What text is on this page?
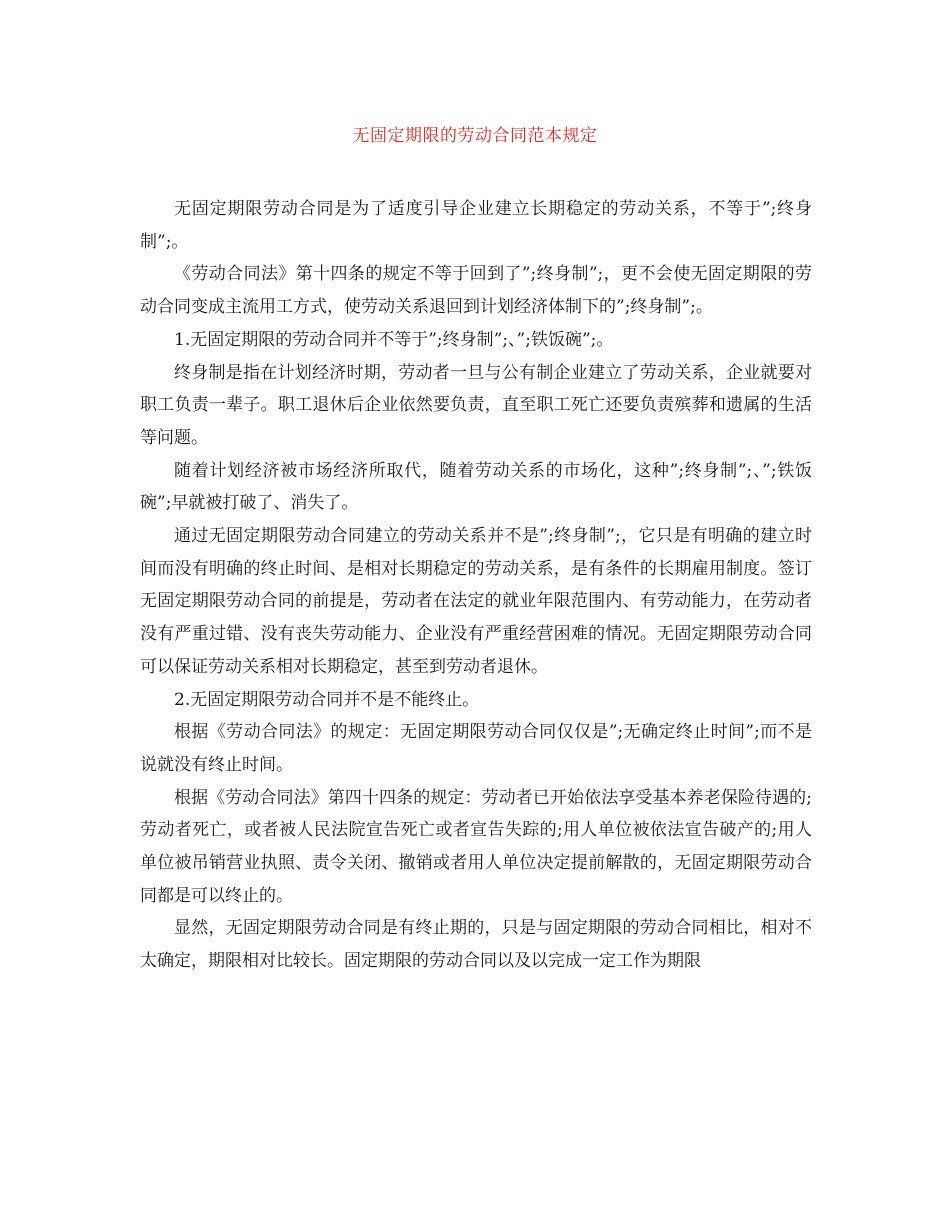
无固定期限的劳动合同范本规定

无固定期限劳动合同是为了适度引导企业建立长期稳定的劳动关系，不等于”;终身制”;。

《劳动合同法》第十四条的规定不等于回到了”;终身制”;，更不会使无固定期限的劳动合同变成主流用工方式，使劳动关系退回到计划经济体制下的”;终身制”;。

1.无固定期限的劳动合同并不等于”;终身制”;、”;铁饭碗”;。

终身制是指在计划经济时期，劳动者一旦与公有制企业建立了劳动关系，企业就要对职工负责一辈子。职工退休后企业依然要负责，直至职工死亡还要负责殡葬和遗属的生活等问题。

随着计划经济被市场经济所取代，随着劳动关系的市场化，这种”;终身制”;、”;铁饭碗”;早就被打破了、消失了。

通过无固定期限劳动合同建立的劳动关系并不是”;终身制”;，它只是有明确的建立时间而没有明确的终止时间、是相对长期稳定的劳动关系，是有条件的长期雇用制度。签订无固定期限劳动合同的前提是，劳动者在法定的就业年限范围内、有劳动能力，在劳动者没有严重过错、没有丧失劳动能力、企业没有严重经营困难的情况。无固定期限劳动合同可以保证劳动关系相对长期稳定，甚至到劳动者退休。

2.无固定期限劳动合同并不是不能终止。

根据《劳动合同法》的规定：无固定期限劳动合同仅仅是”;无确定终止时间”;而不是说就没有终止时间。

根据《劳动合同法》第四十四条的规定：劳动者已开始依法享受基本养老保险待遇的;劳动者死亡，或者被人民法院宣告死亡或者宣告失踪的;用人单位被依法宣告破产的;用人单位被吊销营业执照、责令关闭、撤销或者用人单位决定提前解散的，无固定期限劳动合同都是可以终止的。

显然，无固定期限劳动合同是有终止期的，只是与固定期限的劳动合同相比，相对不太确定，期限相对比较长。固定期限的劳动合同以及以完成一定工作为期限
